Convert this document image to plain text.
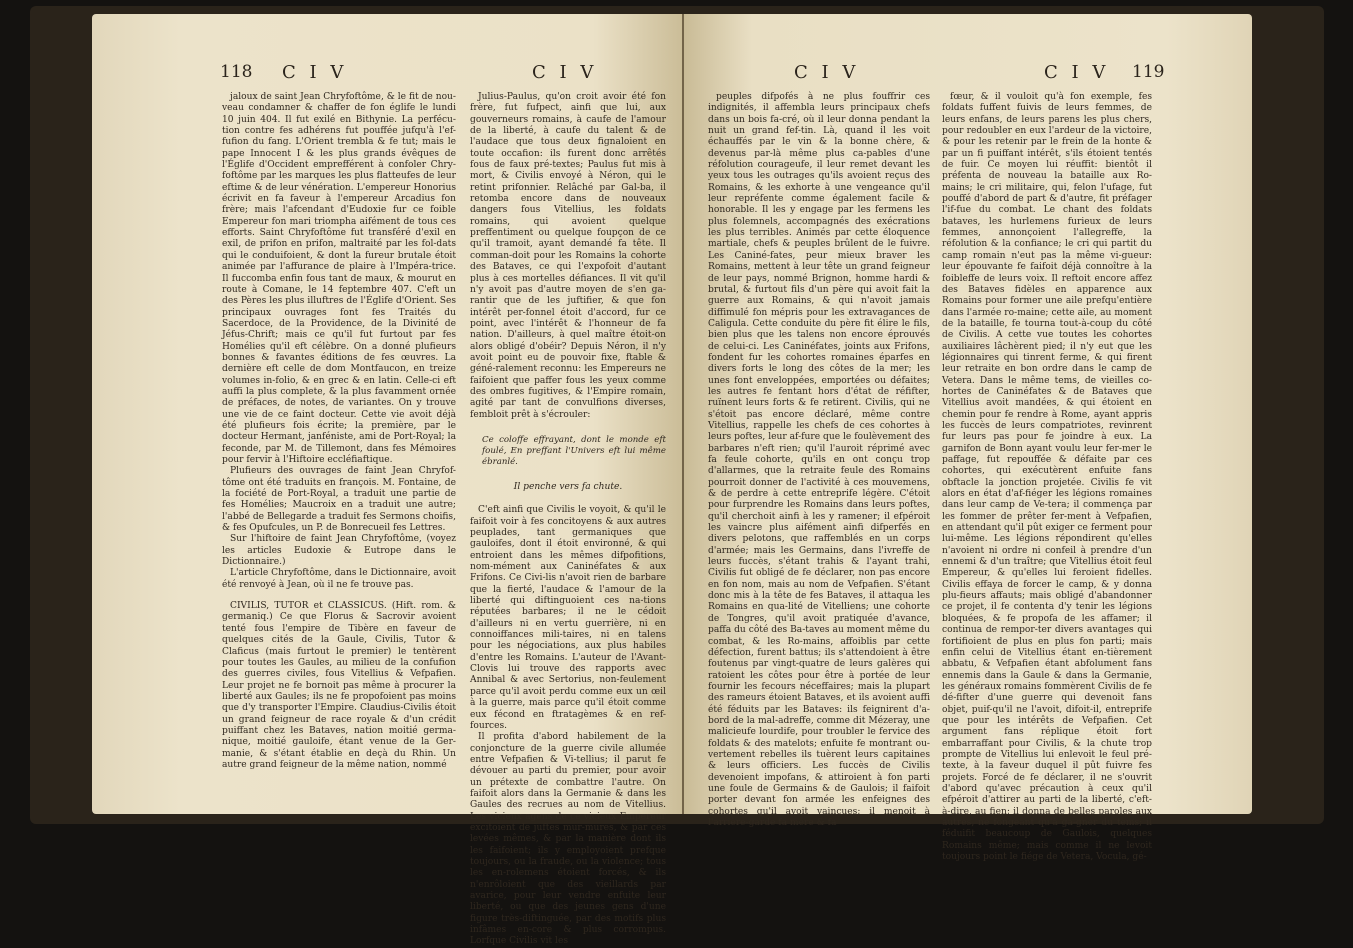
118 C I V	C I V

jaloux de saint Jean Chryfoftôme, & le fit de nou-veau condamner & chaffer de fon églife le lundi 10 juin 404. Il fut exilé en Bithynie. La perfécu-tion contre fes adhérens fut pouffée jufqu'à l'ef-fufion du fang. L'Orient trembla & fe tut; mais le pape Innocent I & les plus grands évêques de l'Églife d'Occident emprefférent à confoler Chry-foftôme par les marques les plus flatteufes de leur eftime & de leur vénération. L'empereur Honorius écrivit en fa faveur à l'empereur Arcadius fon frère; mais l'afcendant d'Eudoxie fur ce foible Empereur fon mari triompha aifément de tous ces efforts. Saint Chryfoftôme fut transféré d'exil en exil, de prifon en prifon, maltraité par les fol-dats qui le conduifoient, & dont la fureur brutale étoit animée par l'affurance de plaire à l'Impéra-trice. Il fuccomba enfin fous tant de maux, & mourut en route à Comane, le 14 feptembre 407. C'eft un des Pères les plus illuftres de l'Églife d'Orient. Ses principaux ouvrages font fes Traités du Sacerdoce, de la Providence, de la Divinité de Jéfus-Chrift; mais ce qu'il fut furtout par fes Homélies qu'il eft célèbre. On a donné plufieurs bonnes & favantes éditions de fes œuvres. La dernière eft celle de dom Montfaucon, en treize volumes in-folio, & en grec & en latin. Celle-ci eft auffi la plus complete, & la plus favamment ornée de préfaces, de notes, de variantes. On y trouve une vie de ce faint docteur. Cette vie avoit déjà été plufieurs fois écrite; la première, par le docteur Hermant, janféniste, ami de Port-Royal; la feconde, par M. de Tillemont, dans fes Mémoires pour fervir à l'Hiftoire eccléfiaftique.

Plufieurs des ouvrages de faint Jean Chryfof-tôme ont été traduits en françois. M. Fontaine, de la fociété de Port-Royal, a traduit une partie de fes Homélies; Maucroix en a traduit une autre; l'abbé de Bellegarde a traduit fes Sermons choifis, & fes Opufcules, un P. de Bonrecueil fes Lettres.

Sur l'hiftoire de faint Jean Chryfoftôme, (voyez les articles Eudoxie & Eutrope dans le Dictionnaire.)

L'article Chryfoftôme, dans le Dictionnaire, avoit été renvoyé à Jean, où il ne fe trouve pas.

CIVILIS, TUTOR et CLASSICUS. (Hift. rom. & germaniq.) Ce que Florus & Sacrovir avoient tenté fous l'empire de Tibère en faveur de quelques cités de la Gaule, Civilis, Tutor & Claficus (mais furtout le premier) le tentèrent pour toutes les Gaules, au milieu de la confufion des guerres civiles, fous Vitellius & Vefpafien. Leur projet ne fe bornoit pas même à procurer la liberté aux Gaules; ils ne fe propofoient pas moins que d'y transporter l'Empire. Claudius-Civilis étoit un grand feigneur de race royale & d'un crédit puiffant chez les Bataves, nation moitié germa-nique, moitié gauloife, étant venue de la Ger-manie, & s'étant établie en deçà du Rhin. Un autre grand feigneur de la même nation, nommé

Julius-Paulus, qu'on croit avoir été fon frère, fut fufpect, ainfi que lui, aux gouverneurs romains, à caufe de l'amour de la liberté, à caufe du talent & de l'audace que tous deux fignaloient en toute occafion: ils furent donc arrêtés fous de faux pré-textes; Paulus fut mis à mort, & Civilis envoyé à Néron, qui le retint prifonnier. Relâché par Gal-ba, il retomba encore dans de nouveaux dangers fous Vitellius, les foldats romains, qui avoient quelque preffentiment ou quelque foupçon de ce qu'il tramoit, ayant demandé fa tête. Il comman-doit pour les Romains la cohorte des Bataves, ce qui l'expofoit d'autant plus à ces mortelles défiances. Il vit qu'il n'y avoit pas d'autre moyen de s'en ga-rantir que de les juftifier, & que fon intérêt per-fonnel étoit d'accord, fur ce point, avec l'intérêt & l'honneur de fa nation. D'ailleurs, à quel maître étoit-on alors obligé d'obéir? Depuis Néron, il n'y avoit point eu de pouvoir fixe, ftable & géné-ralement reconnu: les Empereurs ne faifoient que paffer fous les yeux comme des ombres fugitives, & l'Empire romain, agité par tant de convulfions diverses, fembloit prêt à s'écrouler:

Ce coloffe effrayant, dont le monde eft foulé, En preffant l'Univers eft lui même ébranlé.

Il penche vers fa chute.

C'eft ainfi que Civilis le voyoit, & qu'il le faifoit voir à fes concitoyens & aux autres peuplades, tant germaniques que gauloifes, dont il étoit environné, & qui entroient dans les mêmes difpofitions, nom-mément aux Caninéfates & aux Frifons. Ce Civi-lis n'avoit rien de barbare que la fierté, l'audace & l'amour de la liberté qui diftinguoient ces na-tions réputées barbares; il ne le cédoit d'ailleurs ni en vertu guerrière, ni en connoiffances mili-taires, ni en talens pour les négociations, aux plus habiles d'entre les Romains. L'auteur de l'Avant-Clovis lui trouve des rapports avec Annibal & avec Sertorius, non-feulement parce qu'il avoit perdu comme eux un œil à la guerre, mais parce qu'il étoit comme eux fécond en ftratagèmes & en ref-fources.

Il profita d'abord habilement de la conjoncture de la guerre civile allumée entre Vefpafien & Vi-tellius; il parut fe dévouer au parti du premier, pour avoir un prétexte de combattre l'autre. On faifoit alors dans la Germanie & dans les Gaules des recrues au nom de Vitellius. Les vicieux agens de ce vicieux Empereur excitoient de juftes mur-mures, & par ces levées mêmes, & par la manière dont ils les faifoient; ils y employoient prefque toujours, ou la fraude, ou la violence; tous les en-rolemens étoient forcés, & ils n'enrôloient que des vieillards par avarice, pour leur vendre enfuite leur liberté, ou que des jeunes gens d'une figure très-diftinguée, par des motifs plus infâmes en-core & plus corrompus. Lorfque Civilis vit les

C I V	C I V 119

peuples difpofés à ne plus fouffrir ces indignités, il affembla leurs principaux chefs dans un bois fa-cré, où il leur donna pendant la nuit un grand fef-tin. Là, quand il les voit échauffés par le vin & la bonne chère, & devenus par-là même plus ca-pables d'une réfolution courageufe, il leur remet devant les yeux tous les outrages qu'ils avoient reçus des Romains, & les exhorte à une vengeance qu'il leur repréfente comme également facile & honorable. Il les y engage par les fermens les plus folemnels, accompagnés des exécrations les plus terribles. Animés par cette éloquence martiale, chefs & peuples brûlent de le fuivre. Les Caniné-fates, peur mieux braver les Romains, mettent à leur tête un grand feigneur de leur pays, nommé Brignon, homme hardi & brutal, & furtout fils d'un père qui avoit fait la guerre aux Romains, & qui n'avoit jamais diffimulé fon mépris pour les extravagances de Caligula. Cette conduite du père fit élire le fils, bien plus que les talens non encore éprouvés de celui-ci. Les Caninéfates, joints aux Frifons, fondent fur les cohortes romaines éparfes en divers forts le long des côtes de la mer; les unes font enveloppées, emportées ou défaites; les autres fe fentant hors d'état de réfifter, ruïnent leurs forts & fe retirent. Civilis, qui ne s'étoit pas encore déclaré, même contre Vitellius, rappelle les chefs de ces cohortes à leurs poftes, leur af-fure que le foulèvement des barbares n'eft rien; qu'il l'auroit réprimé avec fa feule cohorte, qu'ils en ont conçu trop d'allarmes, que la retraite feule des Romains pourroit donner de l'activité à ces mouvemens, & de perdre à cette entreprife légère. C'étoit pour furprendre les Romains dans leurs poftes, qu'il cherchoit ainfi à les y ramener; il efpéroit les vaincre plus aifément ainfi difperfés en divers pelotons, que raffemblés en un corps d'armée; mais les Germains, dans l'ivreffe de leurs fuccès, s'étant trahis & l'ayant trahi, Civilis fut obligé de fe déclarer, non pas encore en fon nom, mais au nom de Vefpafien. S'étant donc mis à la tête de fes Bataves, il attaqua les Romains en qua-lité de Vitelliens; une cohorte de Tongres, qu'il avoit pratiquée d'avance, paffa du côté des Ba-taves au moment même du combat, & les Ro-mains, affoiblis par cette défection, furent battus; ils s'attendoient à être foutenus par vingt-quatre de leurs galères qui ratoient les côtes pour être à portée de leur fournir les fecours néceffaires; mais la plupart des rameurs étoient Bataves, et ils avoient auffi été féduits par les Bataves: ils feignirent d'a-bord de la mal-adreffe, comme dit Mézeray, une malicieufe lourdife, pour troubler le fervice des foldats & des matelots; enfuite fe montrant ou-vertement rebelles ils tuèrent leurs capitaines & leurs officiers. Les fuccès de Civilis devenoient impofans, & attiroient à fon parti une foule de Germains & de Gaulois; il faifoit porter devant fon armée les enfeignes des cohortes qu'il avoit vaincues; il menoit à l'arrière-garde fa mère & fa

fœur, & il vouloit qu'à fon exemple, fes foldats fuffent fuivis de leurs femmes, de leurs enfans, de leurs parens les plus chers, pour redoubler en eux l'ardeur de la victoire, & pour les retenir par le frein de la honte & par un fi puiffant intérêt, s'ils étoient tentés de fuir. Ce moyen lui réuffit: bientôt il préfenta de nouveau la bataille aux Ro-mains; le cri militaire, qui, felon l'ufage, fut pouffé d'abord de part & d'autre, fit préfager l'if-fue du combat. Le chant des foldats bataves, les hurlemens furieux de leurs femmes, annonçoient l'allegreffe, la réfolution & la confiance; le cri qui partit du camp romain n'eut pas la même vi-gueur: leur épouvante fe faifoit déjà connoître à la foibleffe de leurs voix. Il reftoit encore affez des Bataves fidèles en apparence aux Romains pour former une aile prefqu'entière dans l'armée ro-maine; cette aile, au moment de la bataille, fe tourna tout-à-coup du côté de Civilis. A cette vue toutes les cohortes auxiliaires lâchèrent pied; il n'y eut que les légionnaires qui tinrent ferme, & qui firent leur retraite en bon ordre dans le camp de Vetera. Dans le même tems, de vieilles co-hortes de Caninéfates & de Bataves que Vitellius avoit mandées, & qui étoient en chemin pour fe rendre à Rome, ayant appris les fuccès de leurs compatriotes, revinrent fur leurs pas pour fe joindre à eux. La garnifon de Bonn ayant voulu leur fer-mer le paffage, fut repouffée & défaite par ces cohortes, qui exécutèrent enfuite fans obftacle la jonction projetée. Civilis fe vit alors en état d'af-fiéger les légions romaines dans leur camp de Ve-tera; il commença par les fommer de prêter fer-ment à Vefpafien, en attendant qu'il pût exiger ce ferment pour lui-même. Les légions répondirent qu'elles n'avoient ni ordre ni confeil à prendre d'un ennemi & d'un traître; que Vitellius étoit feul Empereur, & qu'elles lui feroient fidelles. Civilis effaya de forcer le camp, & y donna plu-fieurs affauts; mais obligé d'abandonner ce projet, il fe contenta d'y tenir les légions bloquées, & fe propofa de les affamer; il continua de rempor-ter divers avantages qui fortifioient de plus en plus fon parti; mais enfin celui de Vitellius étant en-tièrement abbatu, & Vefpafien étant abfolument fans ennemis dans la Gaule & dans la Germanie, les généraux romains fommèrent Civilis de fe dé-fifter d'une guerre qui devenoit fans objet, puif-qu'il ne l'avoit, difoit-il, entreprife que pour les intérêts de Vefpafien. Cet argument fans réplique étoit fort embarraffant pour Civilis, & la chute trop prompte de Vitellius lui enlevoit le feul pré-texte, à la faveur duquel il pût fuivre fes projets. Forcé de fe déclarer, il ne s'ouvrit d'abord qu'avec précaution à ceux qu'il efpéroit d'attirer au parti de la liberté, c'eft-à-dire, au fien; il donna de belles paroles aux autres, ne fongeant qu'à ga-gner du tems; il féduifit beaucoup de Gaulois, quelques Romains même; mais comme il ne levoit toujours point le fiége de Vetera, Vocula, gé-
